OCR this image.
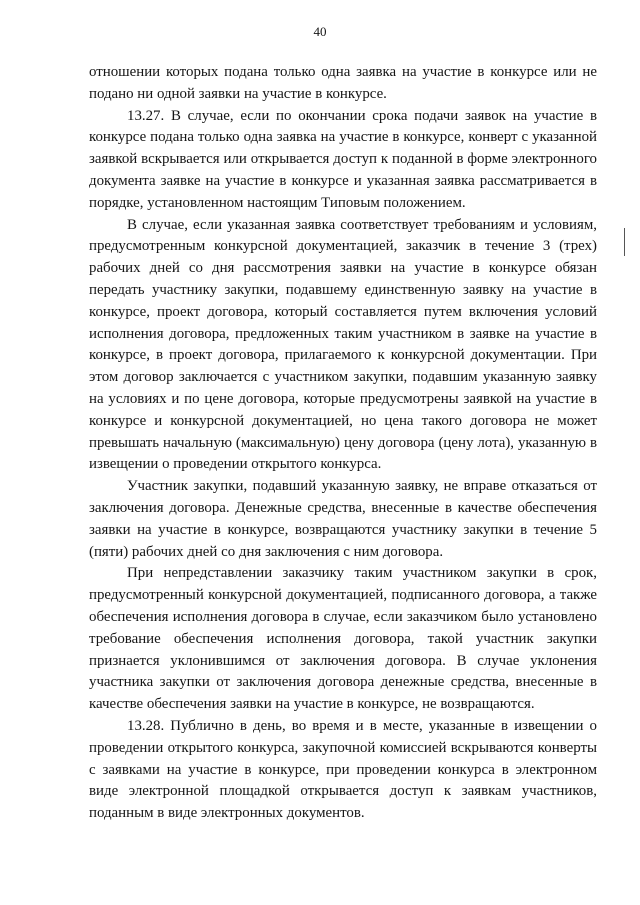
40

отношении которых подана только одна заявка на участие в конкурсе или не подано ни одной заявки на участие в конкурсе.

13.27. В случае, если по окончании срока подачи заявок на участие в конкурсе подана только одна заявка на участие в конкурсе, конверт с указанной заявкой вскрывается или открывается доступ к поданной в форме электронного документа заявке на участие в конкурсе и указанная заявка рассматривается в порядке, установленном настоящим Типовым положением.

В случае, если указанная заявка соответствует требованиям и условиям, предусмотренным конкурсной документацией, заказчик в течение 3 (трех) рабочих дней со дня рассмотрения заявки на участие в конкурсе обязан передать участнику закупки, подавшему единственную заявку на участие в конкурсе, проект договора, который составляется путем включения условий исполнения договора, предложенных таким участником в заявке на участие в конкурсе, в проект договора, прилагаемого к конкурсной документации. При этом договор заключается с участником закупки, подавшим указанную заявку на условиях и по цене договора, которые предусмотрены заявкой на участие в конкурсе и конкурсной документацией, но цена такого договора не может превышать начальную (максимальную) цену договора (цену лота), указанную в извещении о проведении открытого конкурса.

Участник закупки, подавший указанную заявку, не вправе отказаться от заключения договора. Денежные средства, внесенные в качестве обеспечения заявки на участие в конкурсе, возвращаются участнику закупки в течение 5 (пяти) рабочих дней со дня заключения с ним договора.

При непредставлении заказчику таким участником закупки в срок, предусмотренный конкурсной документацией, подписанного договора, а также обеспечения исполнения договора в случае, если заказчиком было установлено требование обеспечения исполнения договора, такой участник закупки признается уклонившимся от заключения договора. В случае уклонения участника закупки от заключения договора денежные средства, внесенные в качестве обеспечения заявки на участие в конкурсе, не возвращаются.

13.28. Публично в день, во время и в месте, указанные в извещении о проведении открытого конкурса, закупочной комиссией вскрываются конверты с заявками на участие в конкурсе, при проведении конкурса в электронном виде электронной площадкой открывается доступ к заявкам участников, поданным в виде электронных документов.
